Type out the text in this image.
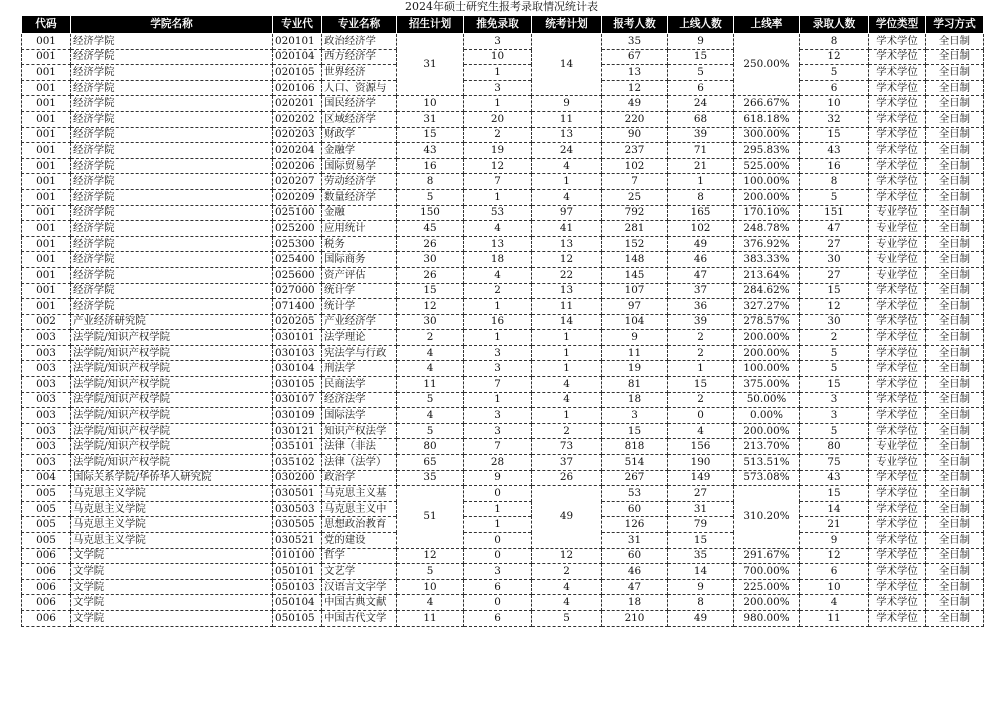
2024年硕士研究生报考录取情况统计表
代码	学院名称	专业代	专业名称	招生计划	推免录取	统考计划	报考人数	上线人数	上线率	录取人数	学位类型	学习方式
001	经济学院	020101	政治经济学	31	3	14	35	9	250.00%	8	学术学位	全日制
001	经济学院	020104	西方经济学		10		67	15		12	学术学位	全日制
001	经济学院	020105	世界经济		1		13	5		5	学术学位	全日制
001	经济学院	020106	人口、资源与		3		12	6		6	学术学位	全日制
001	经济学院	020201	国民经济学	10	1	9	49	24	266.67%	10	学术学位	全日制
001	经济学院	020202	区域经济学	31	20	11	220	68	618.18%	32	学术学位	全日制
001	经济学院	020203	财政学	15	2	13	90	39	300.00%	15	学术学位	全日制
001	经济学院	020204	金融学	43	19	24	237	71	295.83%	43	学术学位	全日制
001	经济学院	020206	国际贸易学	16	12	4	102	21	525.00%	16	学术学位	全日制
001	经济学院	020207	劳动经济学	8	7	1	7	1	100.00%	8	学术学位	全日制
001	经济学院	020209	数量经济学	5	1	4	25	8	200.00%	5	学术学位	全日制
001	经济学院	025100	金融	150	53	97	792	165	170.10%	151	专业学位	全日制
001	经济学院	025200	应用统计	45	4	41	281	102	248.78%	47	专业学位	全日制
001	经济学院	025300	税务	26	13	13	152	49	376.92%	27	专业学位	全日制
001	经济学院	025400	国际商务	30	18	12	148	46	383.33%	30	专业学位	全日制
001	经济学院	025600	资产评估	26	4	22	145	47	213.64%	27	专业学位	全日制
001	经济学院	027000	统计学	15	2	13	107	37	284.62%	15	学术学位	全日制
001	经济学院	071400	统计学	12	1	11	97	36	327.27%	12	学术学位	全日制
002	产业经济研究院	020205	产业经济学	30	16	14	104	39	278.57%	30	学术学位	全日制
003	法学院/知识产权学院	030101	法学理论	2	1	1	9	2	200.00%	2	学术学位	全日制
003	法学院/知识产权学院	030103	宪法学与行政	4	3	1	11	2	200.00%	5	学术学位	全日制
003	法学院/知识产权学院	030104	刑法学	4	3	1	19	1	100.00%	5	学术学位	全日制
003	法学院/知识产权学院	030105	民商法学	11	7	4	81	15	375.00%	15	学术学位	全日制
003	法学院/知识产权学院	030107	经济法学	5	1	4	18	2	50.00%	3	学术学位	全日制
003	法学院/知识产权学院	030109	国际法学	4	3	1	3	0	0.00%	3	学术学位	全日制
003	法学院/知识产权学院	030121	知识产权法学	5	3	2	15	4	200.00%	5	学术学位	全日制
003	法学院/知识产权学院	035101	法律（非法	80	7	73	818	156	213.70%	80	专业学位	全日制
003	法学院/知识产权学院	035102	法律（法学）	65	28	37	514	190	513.51%	75	专业学位	全日制
004	国际关系学院/华侨华人研究院	030200	政治学	35	9	26	267	149	573.08%	43	学术学位	全日制
005	马克思主义学院	030501	马克思主义基	51	0	49	53	27	310.20%	15	学术学位	全日制
005	马克思主义学院	030503	马克思主义中		1		60	31		14	学术学位	全日制
005	马克思主义学院	030505	思想政治教育		1		126	79		21	学术学位	全日制
005	马克思主义学院	030521	党的建设		0		31	15		9	学术学位	全日制
006	文学院	010100	哲学	12	0	12	60	35	291.67%	12	学术学位	全日制
006	文学院	050101	文艺学	5	3	2	46	14	700.00%	6	学术学位	全日制
006	文学院	050103	汉语言文字学	10	6	4	47	9	225.00%	10	学术学位	全日制
006	文学院	050104	中国古典文献	4	0	4	18	8	200.00%	4	学术学位	全日制
006	文学院	050105	中国古代文学	11	6	5	210	49	980.00%	11	学术学位	全日制
